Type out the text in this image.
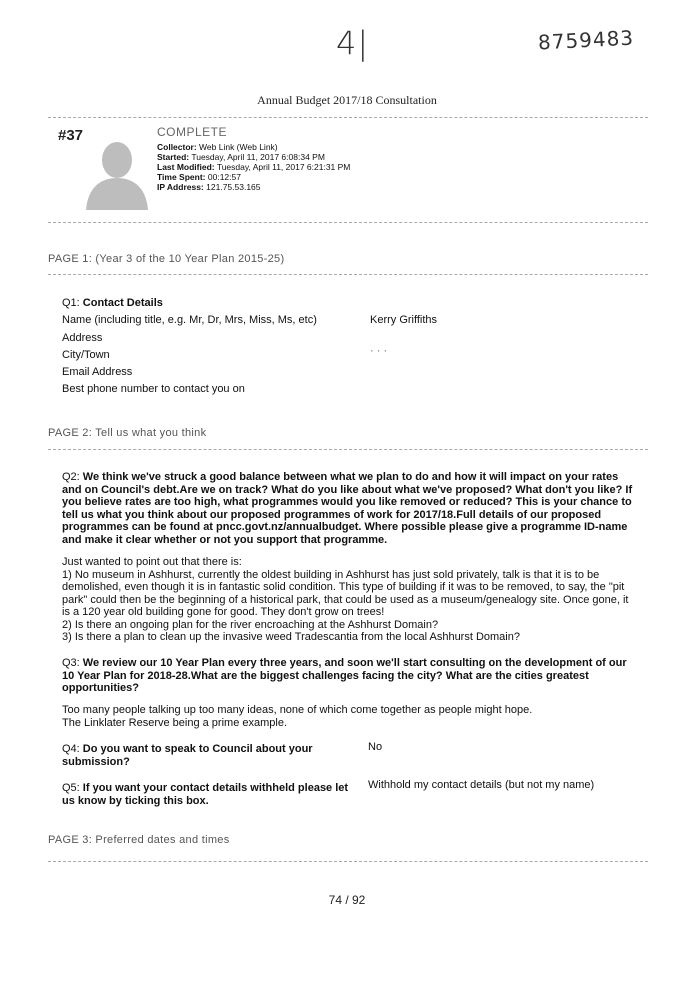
4|	8759483
Annual Budget 2017/18 Consultation
#37	COMPLETE
Collector: Web Link (Web Link)
Started: Tuesday, April 11, 2017 6:08:34 PM
Last Modified: Tuesday, April 11, 2017 6:21:31 PM
Time Spent: 00:12:57
IP Address: 121.75.53.165
PAGE 1: (Year 3 of the 10 Year Plan 2015-25)
Q1: Contact Details
Name (including title, e.g. Mr, Dr, Mrs, Miss, Ms, etc)	Kerry Griffiths
Address
City/Town	· · ·
Email Address
Best phone number to contact you on
PAGE 2: Tell us what you think
Q2: We think we've struck a good balance between what we plan to do and how it will impact on your rates and on Council's debt.Are we on track? What do you like about what we've proposed? What don't you like? If you believe rates are too high, what programmes would you like removed or reduced? This is your chance to tell us what you think about our proposed programmes of work for 2017/18.Full details of our proposed programmes can be found at pncc.govt.nz/annualbudget. Where possible please give a programme ID-name and make it clear whether or not you support that programme.
Just wanted to point out that there is:
1) No museum in Ashhurst, currently the oldest building in Ashhurst has just sold privately, talk is that it is to be demolished, even though it is in fantastic solid condition. This type of building if it was to be removed, to say, the "pit park" could then be the beginning of a historical park, that could be used as a museum/genealogy site. Once gone, it is a 120 year old building gone for good. They don't grow on trees!
2) Is there an ongoing plan for the river encroaching at the Ashhurst Domain?
3) Is there a plan to clean up the invasive weed Tradescantia from the local Ashhurst Domain?
Q3: We review our 10 Year Plan every three years, and soon we'll start consulting on the development of our 10 Year Plan for 2018-28.What are the biggest challenges facing the city? What are the cities greatest opportunities?
Too many people talking up too many ideas, none of which come together as people might hope.
The Linklater Reserve being a prime example.
Q4: Do you want to speak to Council about your submission?
No
Q5: If you want your contact details withheld please let us know by ticking this box.
Withhold my contact details (but not my name)
PAGE 3: Preferred dates and times
74 / 92
